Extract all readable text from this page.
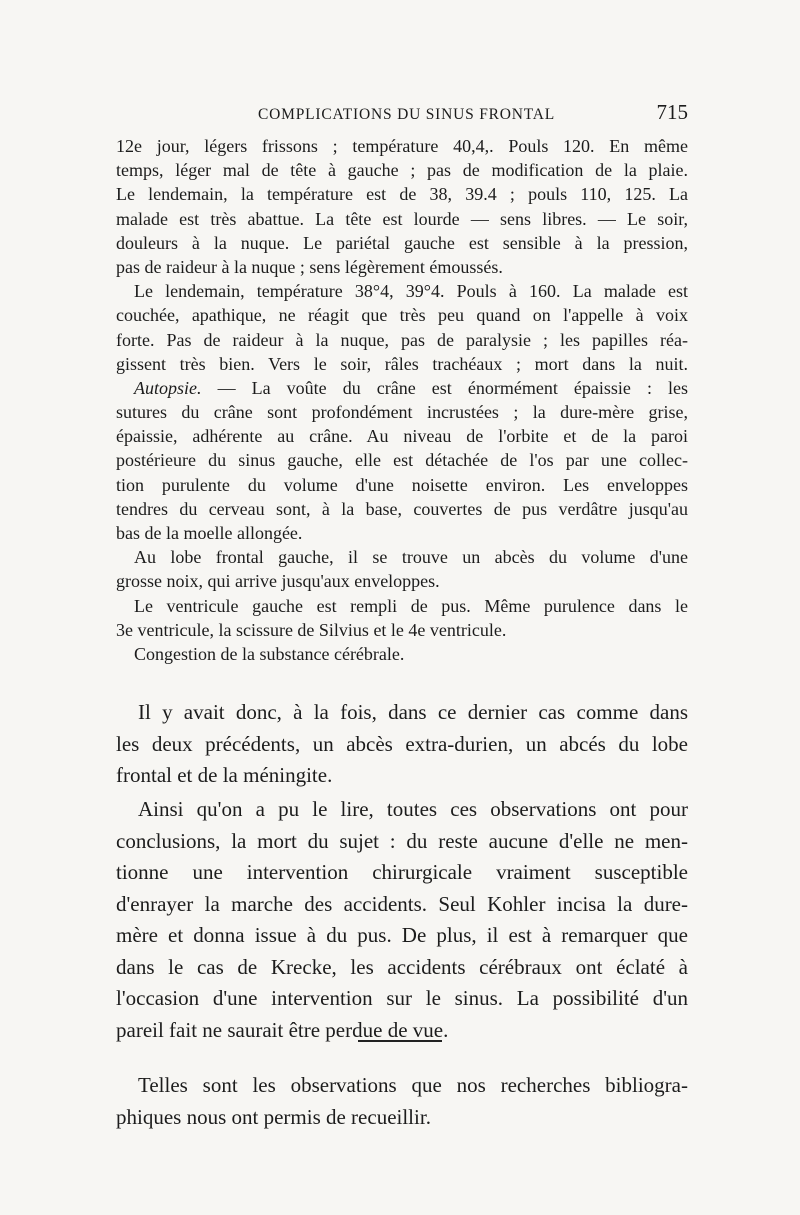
COMPLICATIONS DU SINUS FRONTAL	715
12e jour, légers frissons ; température 40,4,. Pouls 120. En même
temps, léger mal de tête à gauche ; pas de modification de la plaie.
Le lendemain, la température est de 38, 39.4 ; pouls 110, 125. La
malade est très abattue. La tête est lourde — sens libres. — Le soir,
douleurs à la nuque. Le pariétal gauche est sensible à la pression,
pas de raideur à la nuque ; sens légèrement émoussés.
Le lendemain, température 38°4, 39°4. Pouls à 160. La malade est
couchée, apathique, ne réagit que très peu quand on l'appelle à voix
forte. Pas de raideur à la nuque, pas de paralysie ; les papilles réa-
gissent très bien. Vers le soir, râles trachéaux ; mort dans la nuit.
Autopsie. — La voûte du crâne est énormément épaissie : les
sutures du crâne sont profondément incrustées ; la dure-mère grise,
épaissie, adhérente au crâne. Au niveau de l'orbite et de la paroi
postérieure du sinus gauche, elle est détachée de l'os par une collec-
tion purulente du volume d'une noisette environ. Les enveloppes
tendres du cerveau sont, à la base, couvertes de pus verdâtre jusqu'au
bas de la moelle allongée.
Au lobe frontal gauche, il se trouve un abcès du volume d'une
grosse noix, qui arrive jusqu'aux enveloppes.
Le ventricule gauche est rempli de pus. Même purulence dans le
3e ventricule, la scissure de Silvius et le 4e ventricule.
Congestion de la substance cérébrale.
Il y avait donc, à la fois, dans ce dernier cas comme dans
les deux précédents, un abcès extra-durien, un abcés du lobe
frontal et de la méningite.
Ainsi qu'on a pu le lire, toutes ces observations ont pour
conclusions, la mort du sujet : du reste aucune d'elle ne men-
tionne une intervention chirurgicale vraiment susceptible
d'enrayer la marche des accidents. Seul Kohler incisa la dure-
mère et donna issue à du pus. De plus, il est à remarquer que
dans le cas de Krecke, les accidents cérébraux ont éclaté à
l'occasion d'une intervention sur le sinus. La possibilité d'un
pareil fait ne saurait être perdue de vue.
Telles sont les observations que nos recherches bibliogra-
phiques nous ont permis de recueillir.
